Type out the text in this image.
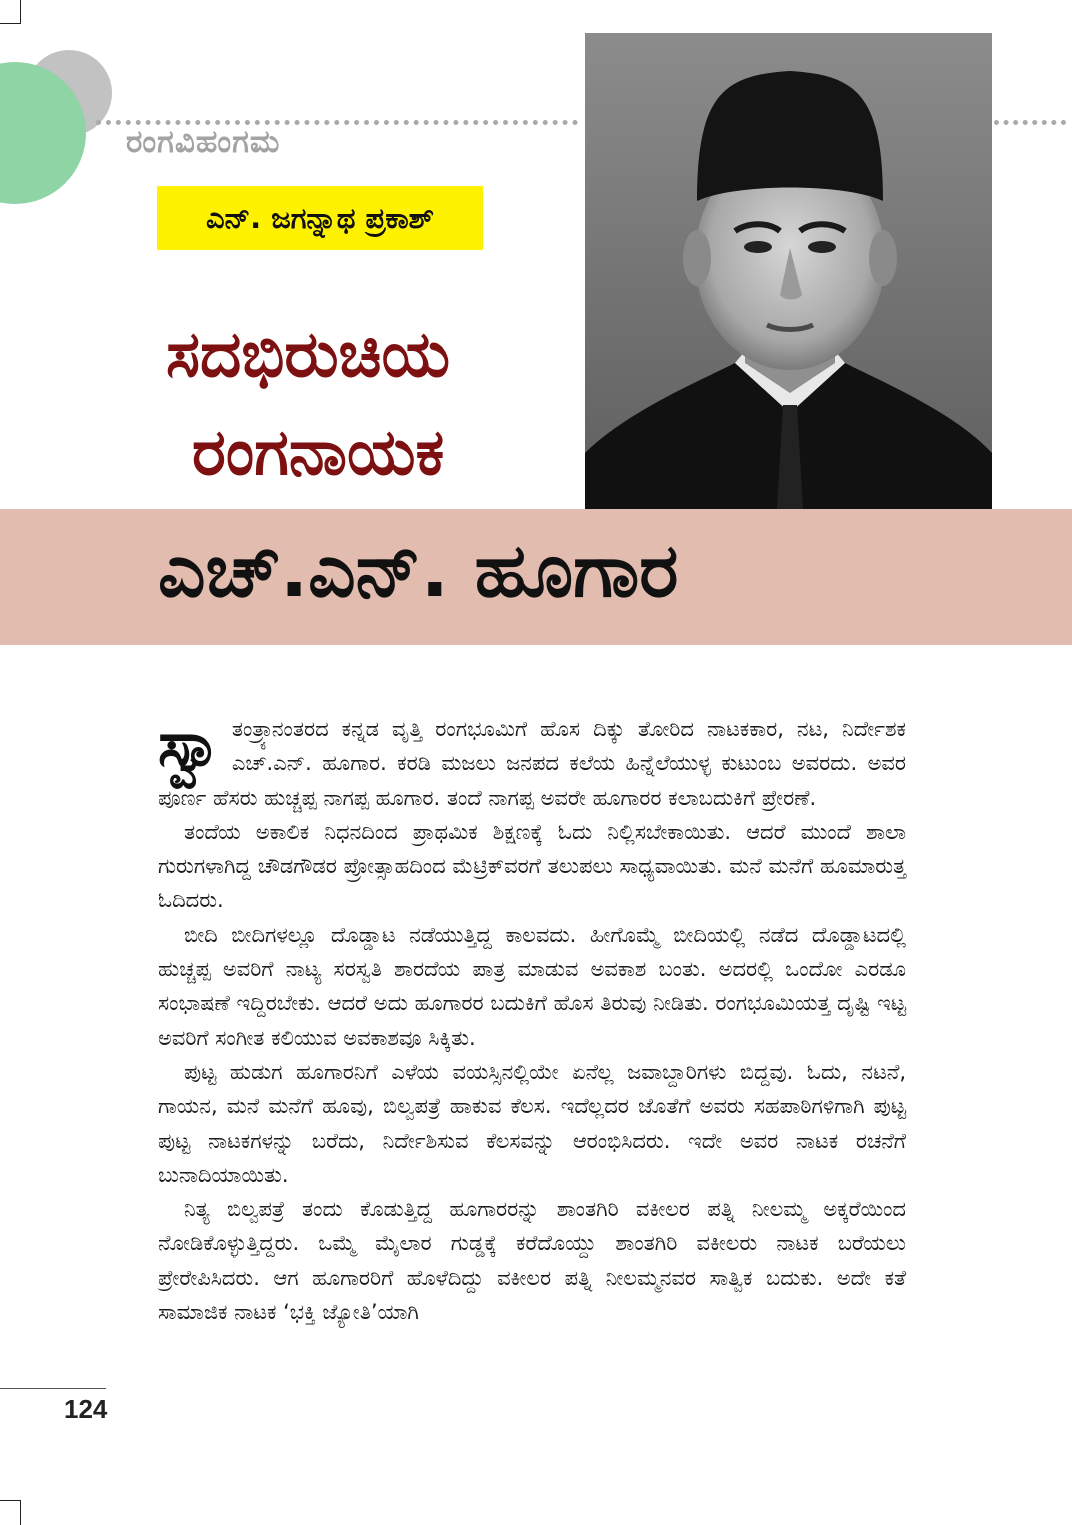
ರಂಗವಿಹಂಗಮ
ಎನ್. ಜಗನ್ನಾಥ ಪ್ರಕಾಶ್
ಸದಭಿರುಚಿಯ
ರಂಗನಾಯಕ
ಎಚ್.ಎನ್. ಹೂಗಾರ

ಸ್ವಾ ತಂತ್ರ್ಯಾನಂತರದ ಕನ್ನಡ ವೃತ್ತಿ ರಂಗಭೂಮಿಗೆ ಹೊಸ ದಿಕ್ಕು ತೋರಿದ ನಾಟಕಕಾರ, ನಟ, ನಿರ್ದೇಶಕ ಎಚ್.ಎನ್. ಹೂಗಾರ. ಕರಡಿ ಮಜಲು ಜನಪದ ಕಲೆಯ ಹಿನ್ನೆಲೆಯುಳ್ಳ ಕುಟುಂಬ ಅವರದು. ಅವರ ಪೂರ್ಣ ಹೆಸರು ಹುಚ್ಚಪ್ಪ ನಾಗಪ್ಪ ಹೂಗಾರ. ತಂದೆ ನಾಗಪ್ಪ ಅವರೇ ಹೂಗಾರರ ಕಲಾಬದುಕಿಗೆ ಪ್ರೇರಣೆ.

ತಂದೆಯ ಅಕಾಲಿಕ ನಿಧನದಿಂದ ಪ್ರಾಥಮಿಕ ಶಿಕ್ಷಣಕ್ಕೆ ಓದು ನಿಲ್ಲಿಸಬೇಕಾಯಿತು. ಆದರೆ ಮುಂದೆ ಶಾಲಾ ಗುರುಗಳಾಗಿದ್ದ ಚೌಡಗೌಡರ ಪ್ರೋತ್ಸಾಹದಿಂದ ಮೆಟ್ರಿಕ್‌ವರಗೆ ತಲುಪಲು ಸಾಧ್ಯವಾಯಿತು. ಮನೆ ಮನೆಗೆ ಹೂಮಾರುತ್ತ ಓದಿದರು.

ಬೀದಿ ಬೀದಿಗಳಲ್ಲೂ ದೊಡ್ಡಾಟ ನಡೆಯುತ್ತಿದ್ದ ಕಾಲವದು. ಹೀಗೊಮ್ಮೆ ಬೀದಿಯಲ್ಲಿ ನಡೆದ ದೊಡ್ಡಾಟದಲ್ಲಿ ಹುಚ್ಚಪ್ಪ ಅವರಿಗೆ ನಾಟ್ಯ ಸರಸ್ವತಿ ಶಾರದೆಯ ಪಾತ್ರ ಮಾಡುವ ಅವಕಾಶ ಬಂತು. ಅದರಲ್ಲಿ ಒಂದೋ ಎರಡೂ ಸಂಭಾಷಣೆ ಇದ್ದಿರಬೇಕು. ಆದರೆ ಅದು ಹೂಗಾರರ ಬದುಕಿಗೆ ಹೊಸ ತಿರುವು ನೀಡಿತು. ರಂಗಭೂಮಿಯತ್ತ ದೃಷ್ಟಿ ಇಟ್ಟ ಅವರಿಗೆ ಸಂಗೀತ ಕಲಿಯುವ ಅವಕಾಶವೂ ಸಿಕ್ಕಿತು.

ಪುಟ್ಟ ಹುಡುಗ ಹೂಗಾರನಿಗೆ ಎಳೆಯ ವಯಸ್ಸಿನಲ್ಲಿಯೇ ಏನೆಲ್ಲ ಜವಾಬ್ದಾರಿಗಳು ಬಿದ್ದವು. ಓದು, ನಟನೆ, ಗಾಯನ, ಮನೆ ಮನೆಗೆ ಹೂವು, ಬಿಲ್ವಪತ್ರೆ ಹಾಕುವ ಕೆಲಸ. ಇದೆಲ್ಲದರ ಜೊತೆಗೆ ಅವರು ಸಹಪಾಠಿಗಳಿಗಾಗಿ ಪುಟ್ಟ ಪುಟ್ಟ ನಾಟಕಗಳನ್ನು ಬರೆದು, ನಿರ್ದೇಶಿಸುವ ಕೆಲಸವನ್ನು ಆರಂಭಿಸಿದರು. ಇದೇ ಅವರ ನಾಟಕ ರಚನೆಗೆ ಬುನಾದಿಯಾಯಿತು.

ನಿತ್ಯ ಬಿಲ್ವಪತ್ರೆ ತಂದು ಕೊಡುತ್ತಿದ್ದ ಹೂಗಾರರನ್ನು ಶಾಂತಗಿರಿ ವಕೀಲರ ಪತ್ನಿ ನೀಲಮ್ಮ ಅಕ್ಕರೆಯಿಂದ ನೋಡಿಕೊಳ್ಳುತ್ತಿದ್ದರು. ಒಮ್ಮೆ ಮೈಲಾರ ಗುಡ್ಡಕ್ಕೆ ಕರೆದೊಯ್ದು ಶಾಂತಗಿರಿ ವಕೀಲರು ನಾಟಕ ಬರೆಯಲು ಪ್ರೇರೇಪಿಸಿದರು. ಆಗ ಹೂಗಾರರಿಗೆ ಹೊಳೆದಿದ್ದು ವಕೀಲರ ಪತ್ನಿ ನೀಲಮ್ಮನವರ ಸಾತ್ವಿಕ ಬದುಕು. ಅದೇ ಕತೆ ಸಾಮಾಜಿಕ ನಾಟಕ ‘ಭಕ್ತಿ ಜ್ಯೋತಿ’ಯಾಗಿ

124
